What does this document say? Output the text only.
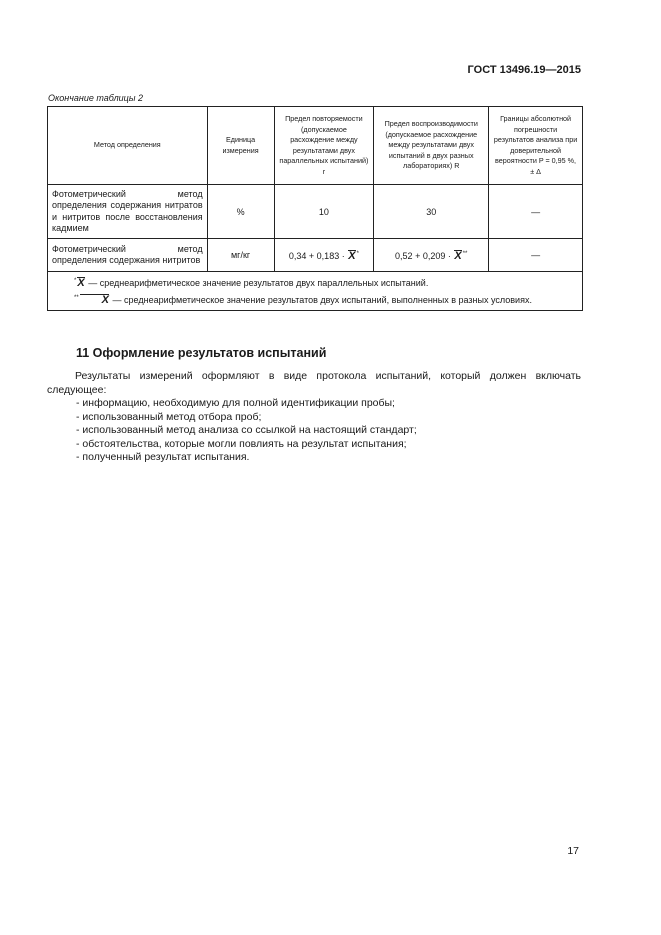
ГОСТ 13496.19—2015
Окончание таблицы 2
Метод определения	Единица измерения	Предел повторяемости (допускаемое расхождение между результатами двух параллельных испытаний) r	Предел воспроизводимости (допускаемое расхождение между результатами двух испытаний в двух разных лабораториях) R	Границы абсолютной погрешности результатов анализа при доверительной вероятности P = 0,95 %, ± Δ
Фотометрический метод определения содержания нитратов и нитритов после восстановления кадмием	%	10	30	—
Фотометрический метод определения содержания нитритов	мг/кг	0,34 + 0,183 · X*	0,52 + 0,209 · X**	—

*X — среднеарифметическое значение результатов двух параллельных испытаний.
** X — среднеарифметическое значение результатов двух испытаний, выполненных в разных условиях.				
11 Оформление результатов испытаний
Результаты измерений оформляют в виде протокола испытаний, который должен включать следующее:
- информацию, необходимую для полной идентификации пробы;
- использованный метод отбора проб;
- использованный метод анализа со ссылкой на настоящий стандарт;
- обстоятельства, которые могли повлиять на результат испытания;
- полученный результат испытания.
17
